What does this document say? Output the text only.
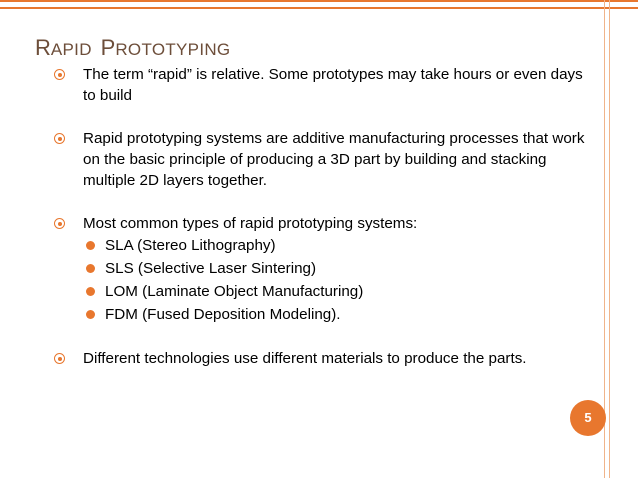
RAPID PROTOTYPING
The term “rapid” is relative. Some prototypes may take hours or even days to build
Rapid prototyping systems are additive manufacturing processes that work on the basic principle of producing a 3D part by building and stacking multiple 2D layers together.
Most common types of rapid prototyping systems:
SLA (Stereo Lithography)
SLS (Selective Laser Sintering)
LOM (Laminate Object Manufacturing)
FDM (Fused Deposition Modeling).
Different technologies use different materials to produce the parts.
5
